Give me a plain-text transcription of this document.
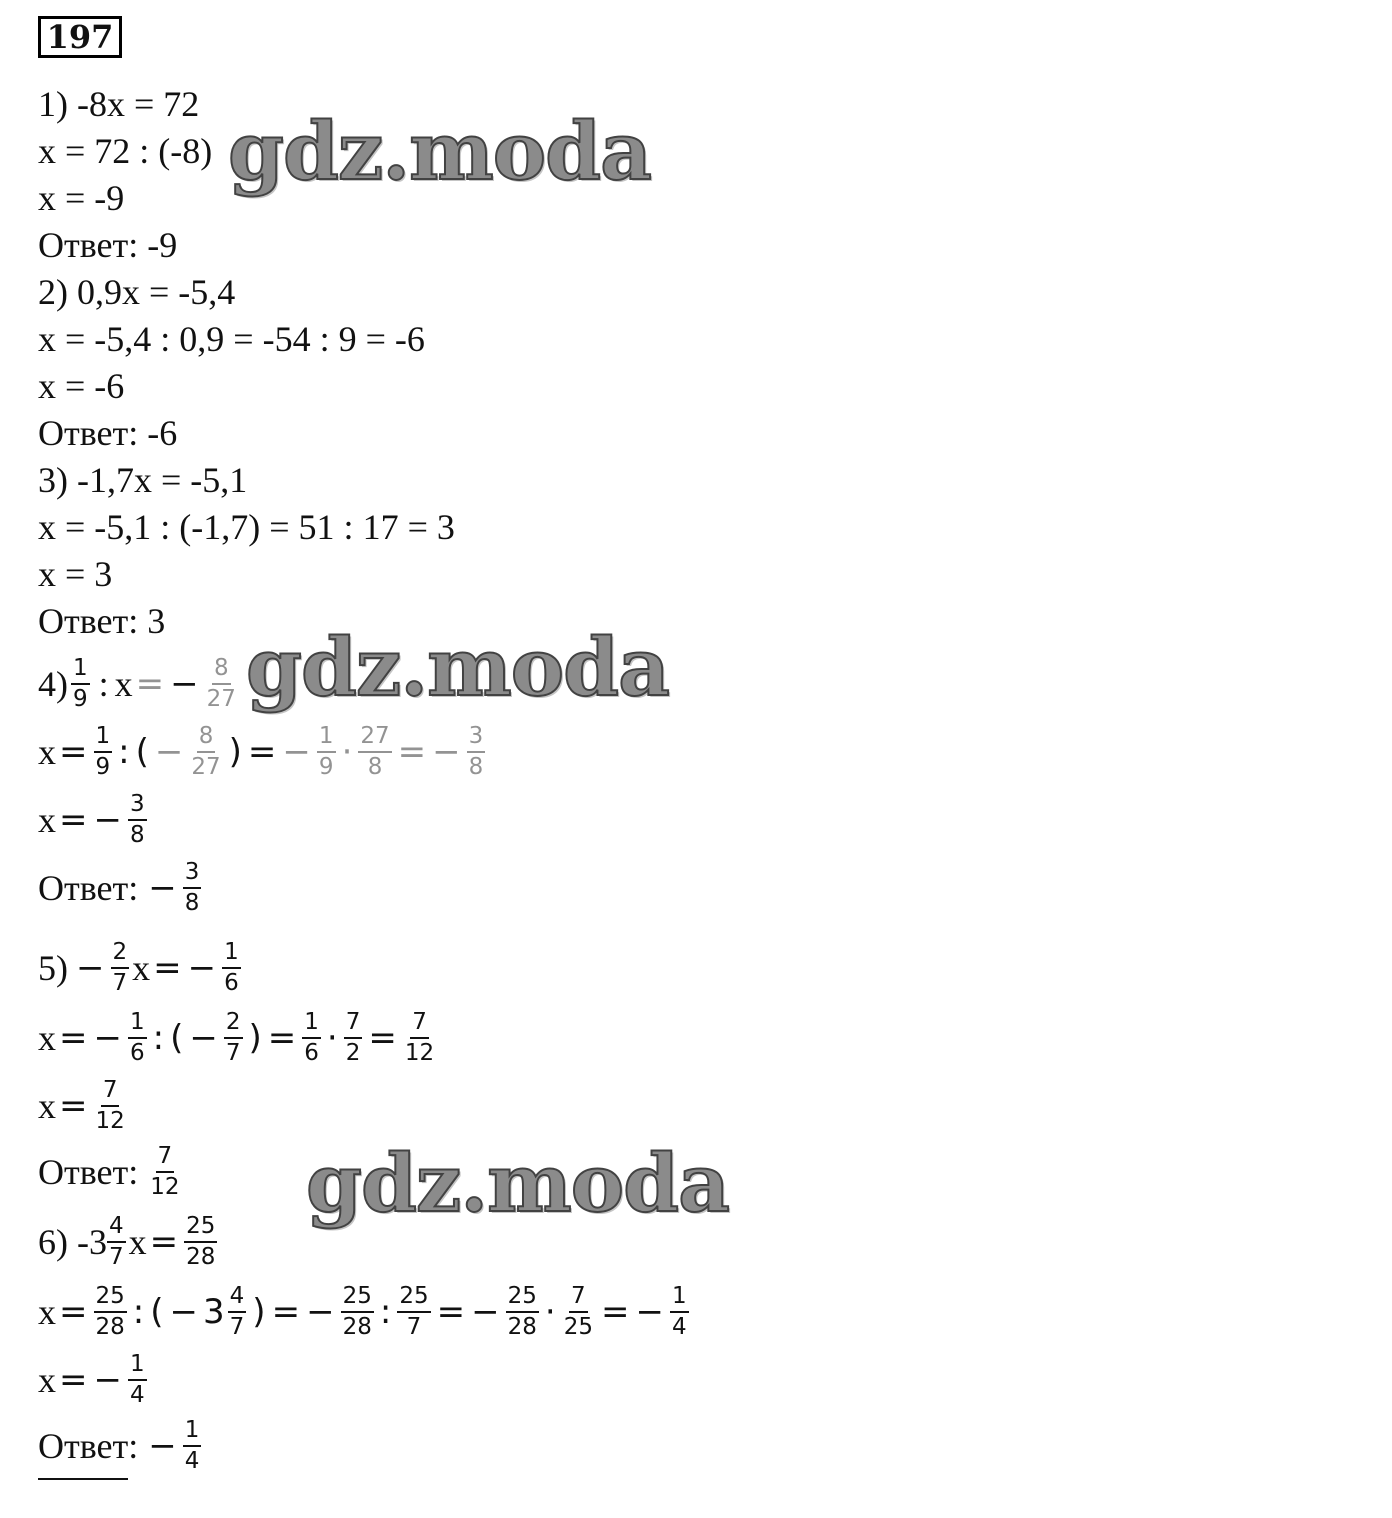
197
1) -8x = 72
x = 72 : (-8)
x = -9
Ответ: -9
2) 0,9x = -5,4
x = -5,4 : 0,9 = -54 : 9 = -6
x = -6
Ответ: -6
3) -1,7x = -5,1
x = -5,1 : (-1,7) = 51 : 17 = 3
x = 3
Ответ: 3
$4) \frac{1}{9}$ : x = − $\frac{8}{27}$
$x = \frac{1}{9}$ : ( − $\frac{8}{27}$ ) = − $\frac{1}{9} \cdot \frac{27}{8}$ = − $\frac{3}{8}$
x = − $\frac{3}{8}$
Ответ: − $\frac{3}{8}$
$5) - \frac{2}{7}$ x = − $\frac{1}{6}$
x = − $\frac{1}{6}$ : ( − $\frac{2}{7}$ ) = $\frac{1}{6} \cdot \frac{7}{2} = \frac{7}{12}$
$x = \frac{7}{12}$
Ответ: $\frac{7}{12}$
6) $-3 \frac{4}{7}$ $x = \frac{25}{28}$
$x = \frac{25}{28}$ : ( − $3 \frac{4}{7}$ ) = − $\frac{25}{28}$ : $\frac{25}{7}$ = − $\frac{25}{28} \cdot \frac{7}{25}$ = − $\frac{1}{4}$
x = − $\frac{1}{4}$
Ответ: − $\frac{1}{4}$
gdz.moda
gdz.moda
gdz.moda
